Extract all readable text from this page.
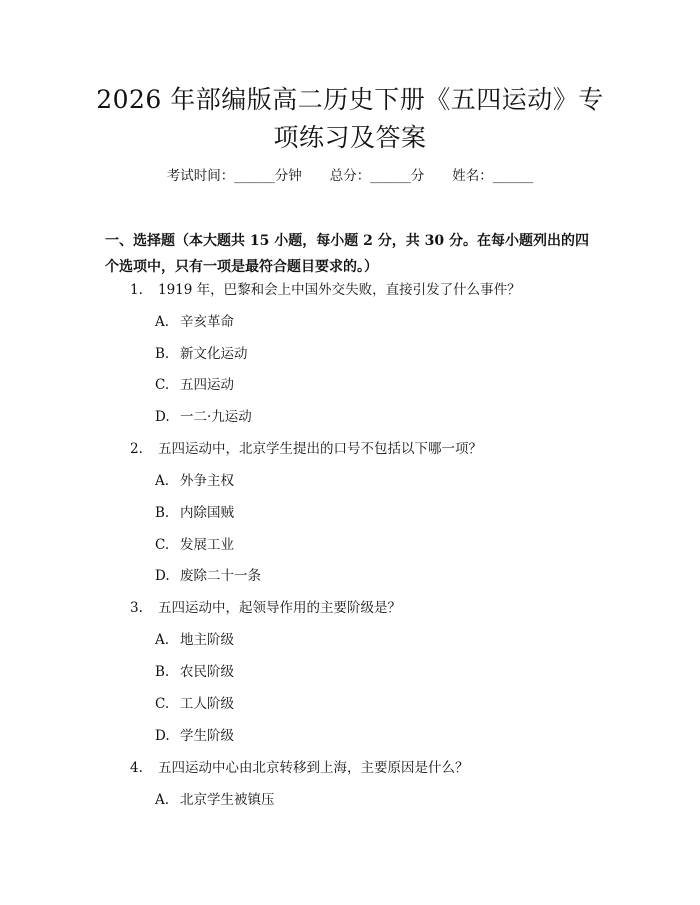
2026 年部编版高二历史下册《五四运动》专
项练习及答案
考试时间：______分钟 总分：______分 姓名：______
一、选择题（本大题共 15 小题，每小题 2 分，共 30 分。在每小题列出的四个选项中，只有一项是最符合题目要求的。）
1. 1919 年，巴黎和会上中国外交失败，直接引发了什么事件？
A. 辛亥革命
B. 新文化运动
C. 五四运动
D. 一二·九运动
2. 五四运动中，北京学生提出的口号不包括以下哪一项？
A. 外争主权
B. 内除国贼
C. 发展工业
D. 废除二十一条
3. 五四运动中，起领导作用的主要阶级是？
A. 地主阶级
B. 农民阶级
C. 工人阶级
D. 学生阶级
4. 五四运动中心由北京转移到上海，主要原因是什么？
A. 北京学生被镇压
